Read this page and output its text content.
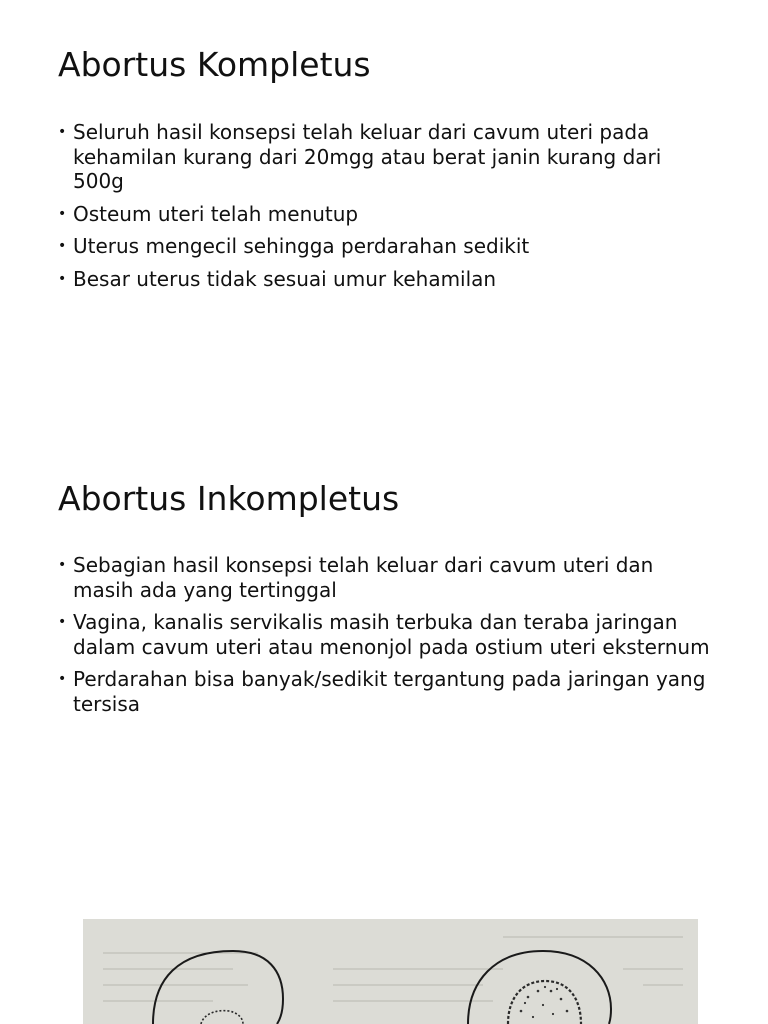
Abortus Kompletus
• Seluruh hasil konsepsi telah keluar dari cavum uteri pada kehamilan kurang dari 20mgg atau berat janin kurang dari 500g
• Osteum uteri telah menutup
• Uterus mengecil sehingga perdarahan sedikit
• Besar uterus tidak sesuai umur kehamilan
Abortus Inkompletus
• Sebagian hasil konsepsi telah keluar dari cavum uteri dan masih ada yang tertinggal
• Vagina, kanalis servikalis masih terbuka dan teraba jaringan dalam cavum uteri atau menonjol pada ostium uteri eksternum
• Perdarahan bisa banyak/sedikit tergantung pada jaringan yang tersisa
